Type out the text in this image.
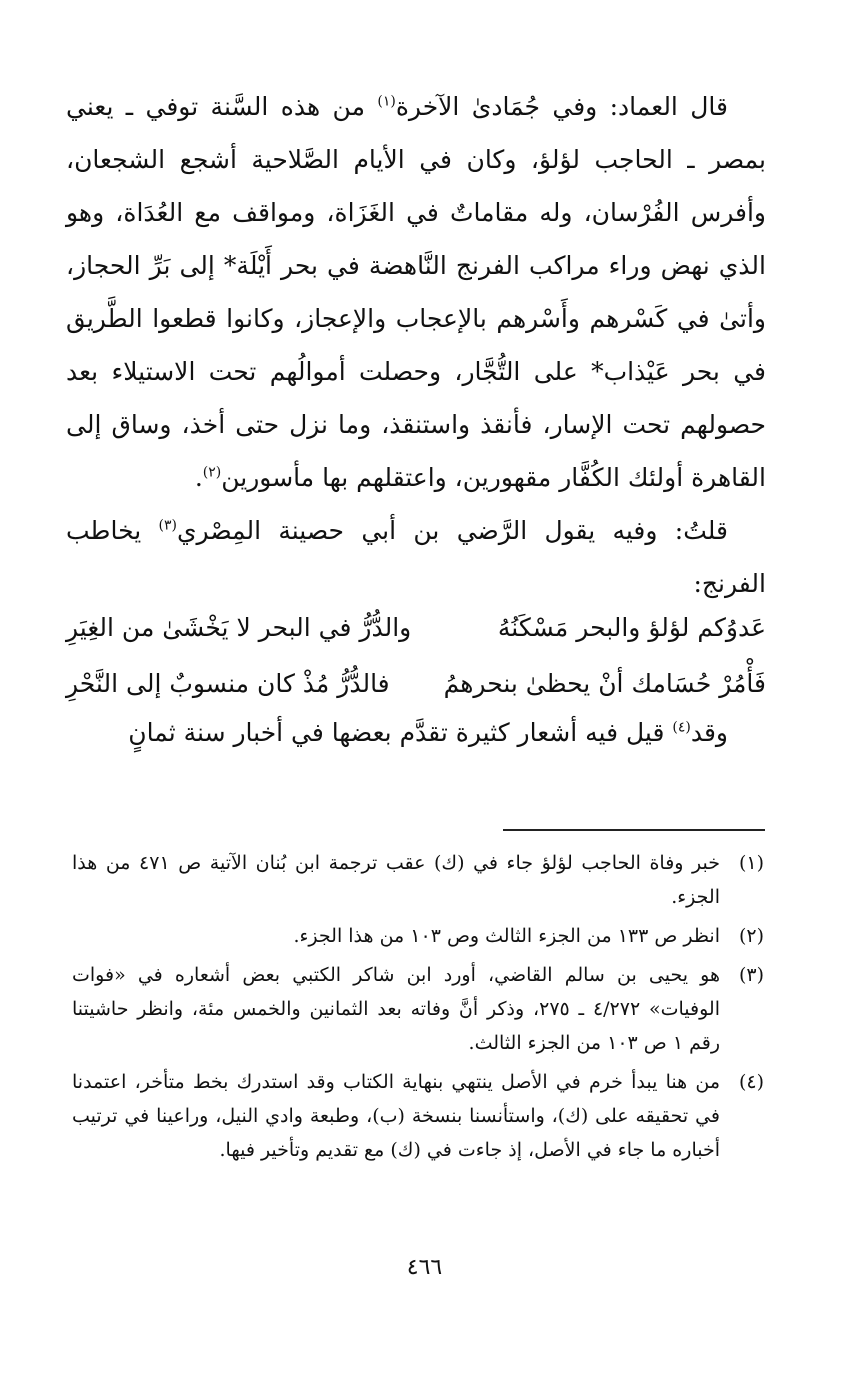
قال العماد: وفي جُمَادىٰ الآخرة$^{(١)}$ من هذه السَّنة توفي ـ يعني بمصر ـ الحاجب لؤلؤ، وكان في الأيام الصَّلاحية أشجع الشجعان، وأفرس الفُرْسان، وله مقاماتٌ في الغَزَاة، ومواقف مع العُدَاة، وهو الذي نهض وراء مراكب الفرنج النَّاهضة في بحر أَيْلَة* إلى بَرِّ الحجاز، وأتىٰ في كَسْرهم وأَسْرهم بالإعجاب والإعجاز، وكانوا قطعوا الطَّريق في بحر عَيْذاب* على التُّجَّار، وحصلت أموالُهم تحت الاستيلاء بعد حصولهم تحت الإسار، فأنقذ واستنقذ، وما نزل حتى أخذ، وساق إلى القاهرة أولئك الكُفَّار مقهورين، واعتقلهم بها مأسورين$^{(٢)}$.

قلتُ: وفيه يقول الرَّضي بن أبي حصينة المِصْري$^{(٣)}$ يخاطب الفرنج:

عَدوُكم لؤلؤ والبحر مَسْكَنُهُ
والدُّرُّ في البحر لا يَخْشَىٰ من الغِيَرِ
فَأْمُرْ حُسَامك أنْ يحظىٰ بنحرهمُ
فالدُّرُّ مُذْ كان منسوبٌ إلى النَّحْرِ
وقد$^{(٤)}$ قيل فيه أشعار كثيرة تقدَّم بعضها في أخبار سنة ثمانٍ
(١)
خبر وفاة الحاجب لؤلؤ جاء في (ك) عقب ترجمة ابن بُنان الآتية ص ٤٧١ من هذا الجزء.
(٢)
انظر ص ١٣٣ من الجزء الثالث وص ١٠٣ من هذا الجزء.
(٣)
هو يحيى بن سالم القاضي، أورد ابن شاكر الكتبي بعض أشعاره في «فوات الوفيات» ٤/٢٧٢ ـ ٢٧٥، وذكر أنَّ وفاته بعد الثمانين والخمس مئة، وانظر حاشيتنا رقم ١ ص ١٠٣ من الجزء الثالث.
(٤)
من هنا يبدأ خرم في الأصل ينتهي بنهاية الكتاب وقد استدرك بخط متأخر، اعتمدنا في تحقيقه على (ك)، واستأنسنا بنسخة (ب)، وطبعة وادي النيل، وراعينا في ترتيب أخباره ما جاء في الأصل، إذ جاءت في (ك) مع تقديم وتأخير فيها.
٤٦٦
